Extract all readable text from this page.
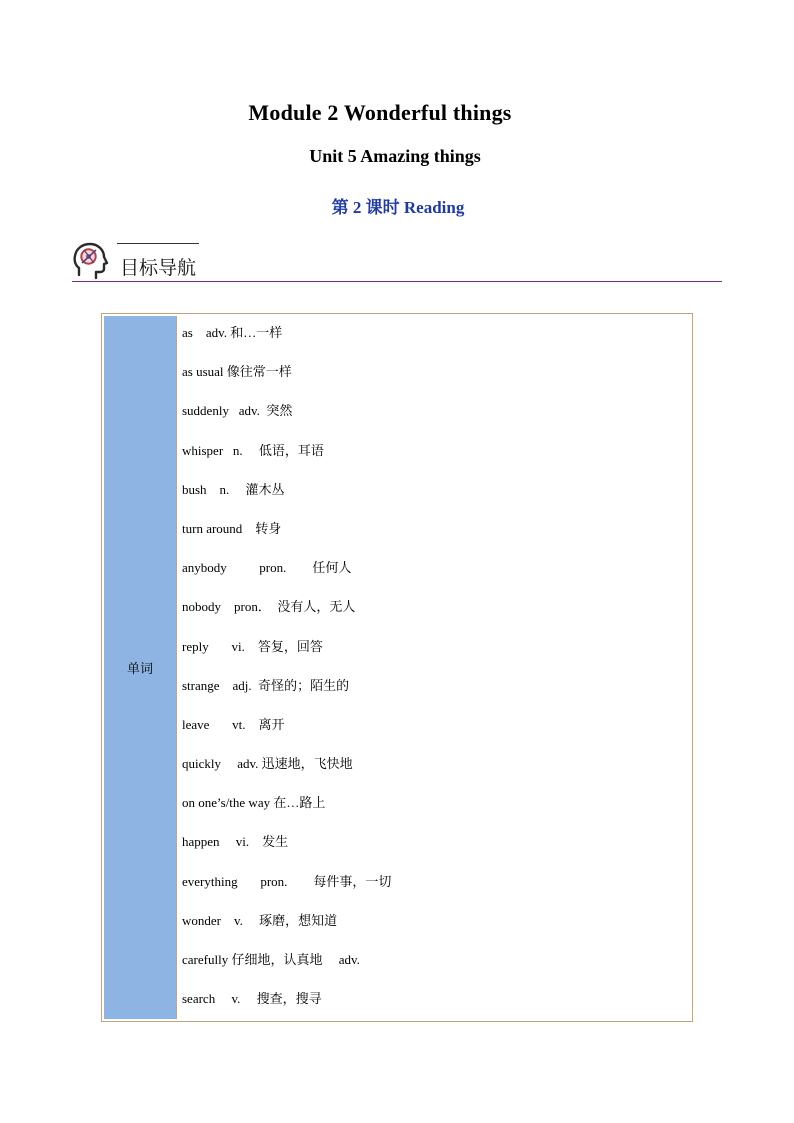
Module 2 Wonderful things
Unit 5 Amazing things
第 2 课时 Reading
目标导航
单词
as    adv. 和…一样
as usual 像往常一样
suddenly   adv.  突然
whisper   n.     低语，耳语
bush    n.     灌木丛
turn around    转身
anybody          pron.        任何人
nobody    pron．  没有人，无人
reply       vi.    答复，回答
strange    adj.  奇怪的；陌生的
leave       vt.    离开
quickly     adv. 迅速地，飞快地
on one’s/the way 在…路上
happen     vi.    发生
everything       pron.        每件事，一切
wonder    v.     琢磨，想知道
carefully 仔细地，认真地     adv.
search     v.     搜查，搜寻
